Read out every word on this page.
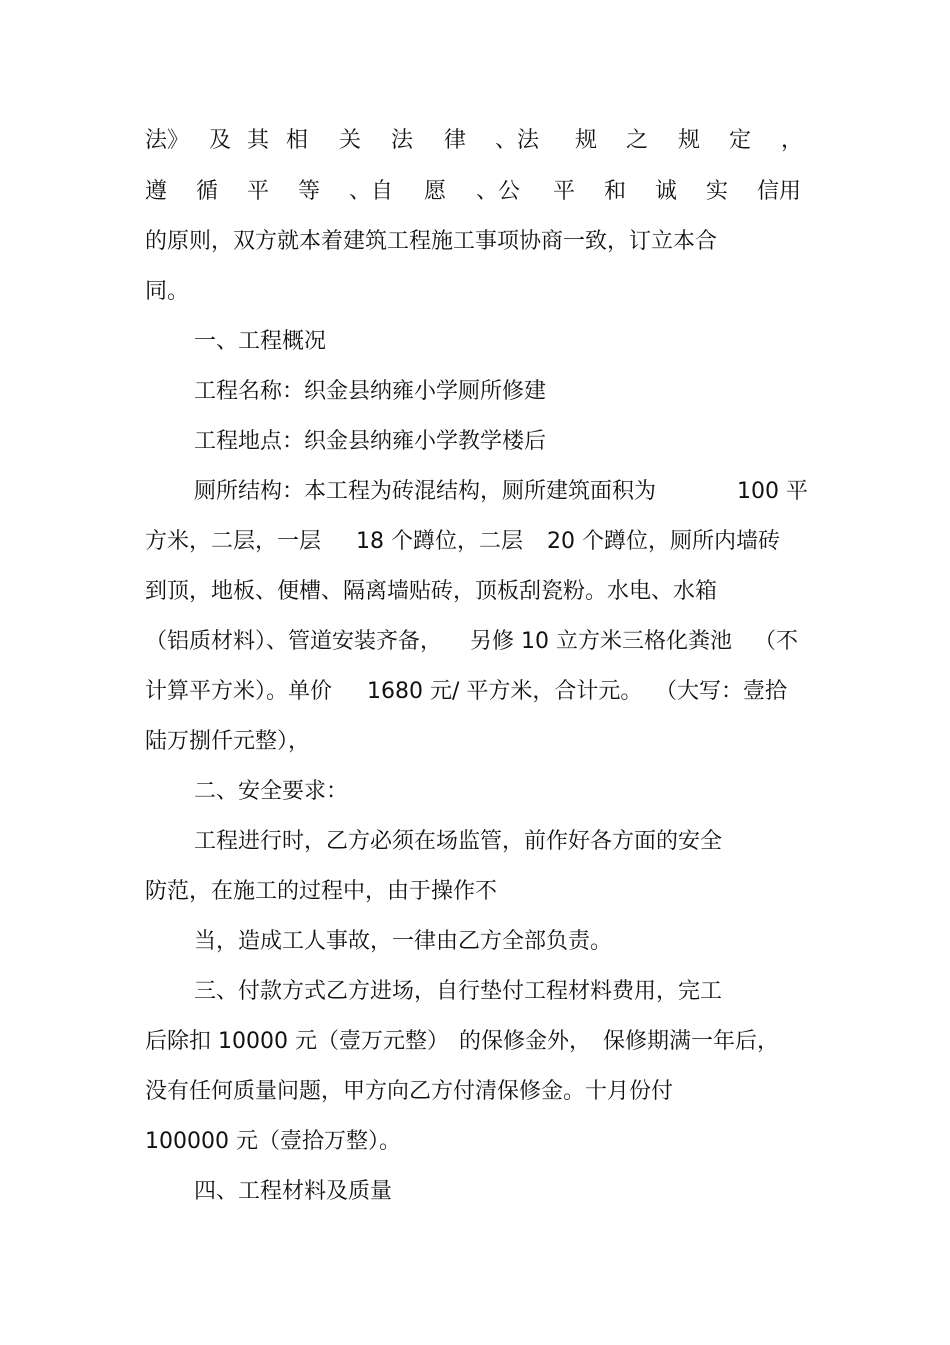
法》 及 其 相 关 法 律 、法 规 之 规 定 ，
遵 循 平 等 、自 愿 、公 平 和 诚 实 信用
的原则，双方就本着建筑工程施工事项协商一致，订立本合
同。
一、工程概况
工程名称：织金县纳雍小学厕所修建
工程地点：织金县纳雍小学教学楼后
厕所结构：本工程为砖混结构，厕所建筑面积为	100 平
方米，二层，一层 18 个蹲位，二层 20 个蹲位，厕所内墙砖
到顶，地板、便槽、隔离墙贴砖，顶板刮瓷粉。水电、水箱
（铝质材料）、管道安装齐备， 另修 10 立方米三格化粪池 （不
计算平方米）。单价 1680 元/ 平方米，合计元。 （大写：壹拾
陆万捌仟元整），
二、安全要求：
工程进行时，乙方必须在场监管，前作好各方面的安全
防范，在施工的过程中，由于操作不
当，造成工人事故，一律由乙方全部负责。
三、付款方式乙方进场，自行垫付工程材料费用，完工
后除扣 10000 元（壹万元整） 的保修金外， 保修期满一年后，
没有任何质量问题，甲方向乙方付清保修金。十月份付
100000 元（壹拾万整）。
四、工程材料及质量
